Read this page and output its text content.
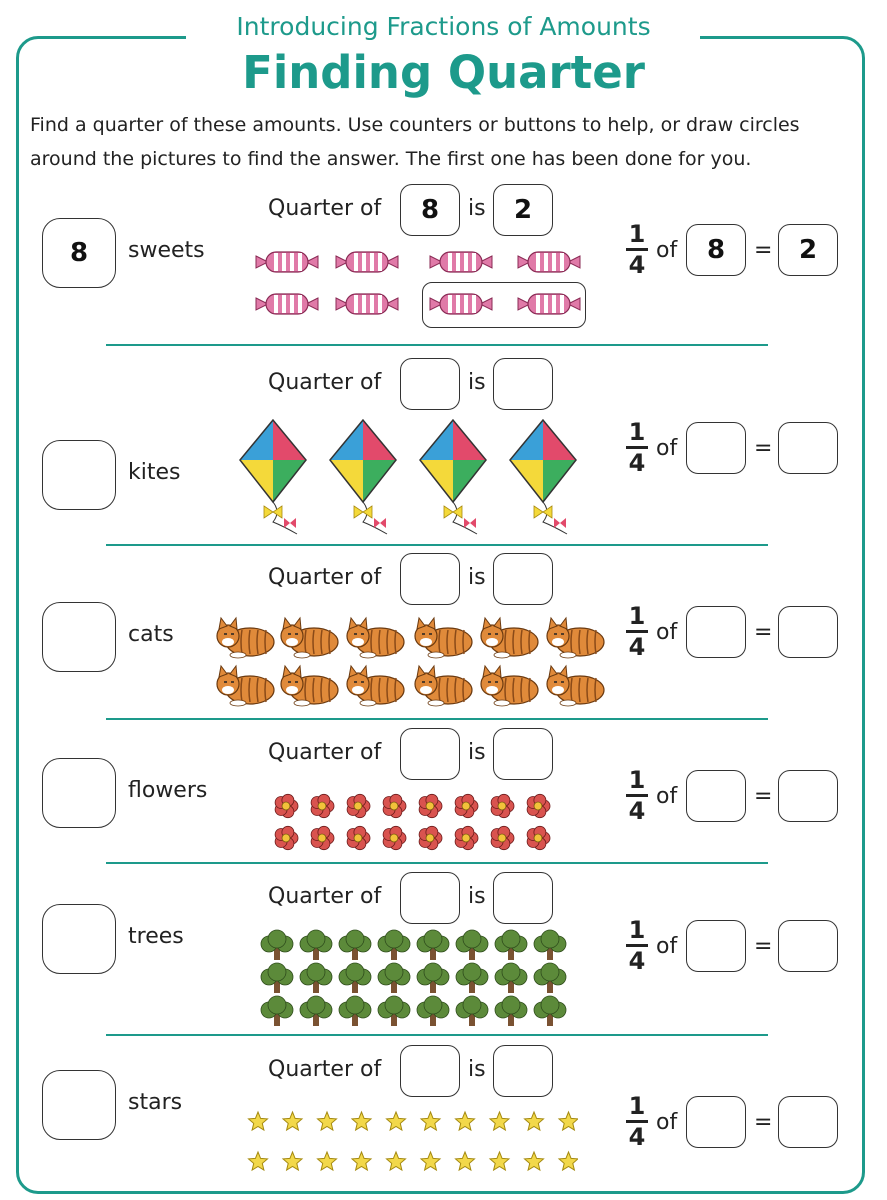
Introducing Fractions of Amounts
Finding Quarter
Find a quarter of these amounts. Use counters or buttons to help, or draw circles around the pictures to find the answer. The first one has been done for you.
8	sweets
Quarter of	8	is	2
1
4
of	8	=	2
kites
Quarter of	is
1
4
of	=
cats
Quarter of	is
1
4
of	=
flowers
Quarter of	is
1
4
of	=
trees
Quarter of	is
1
4
of	=
stars
Quarter of	is
1
4
of	=
